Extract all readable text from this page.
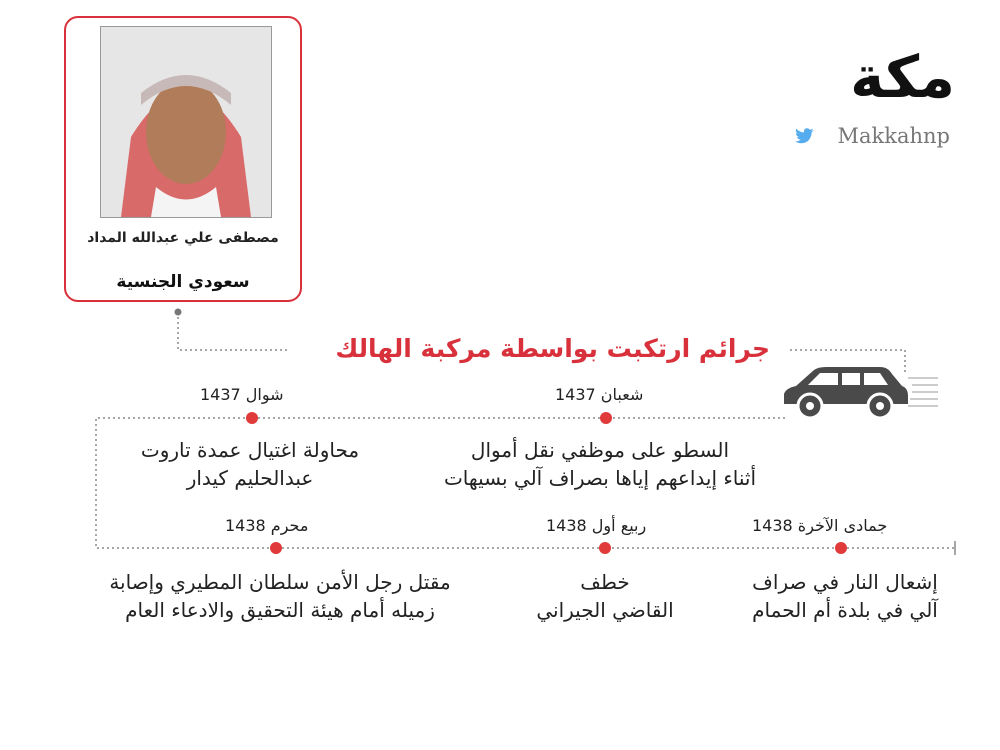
مصطفى علي عبدالله المداد
سعودي الجنسية
مكة
Makkahnp
جرائم ارتكبت بواسطة مركبة الهالك
شعبان 1437
السطو على موظفي نقل أموال
أثناء إيداعهم إياها بصراف آلي بسيهات
شوال 1437
محاولة اغتيال عمدة تاروت
عبدالحليم كيدار
جمادى الآخرة 1438
إشعال النار في صراف
آلي في بلدة أم الحمام
ربيع أول 1438
خطف
القاضي الجيراني
محرم 1438
مقتل رجل الأمن سلطان المطيري وإصابة
زميله أمام هيئة التحقيق والادعاء العام
